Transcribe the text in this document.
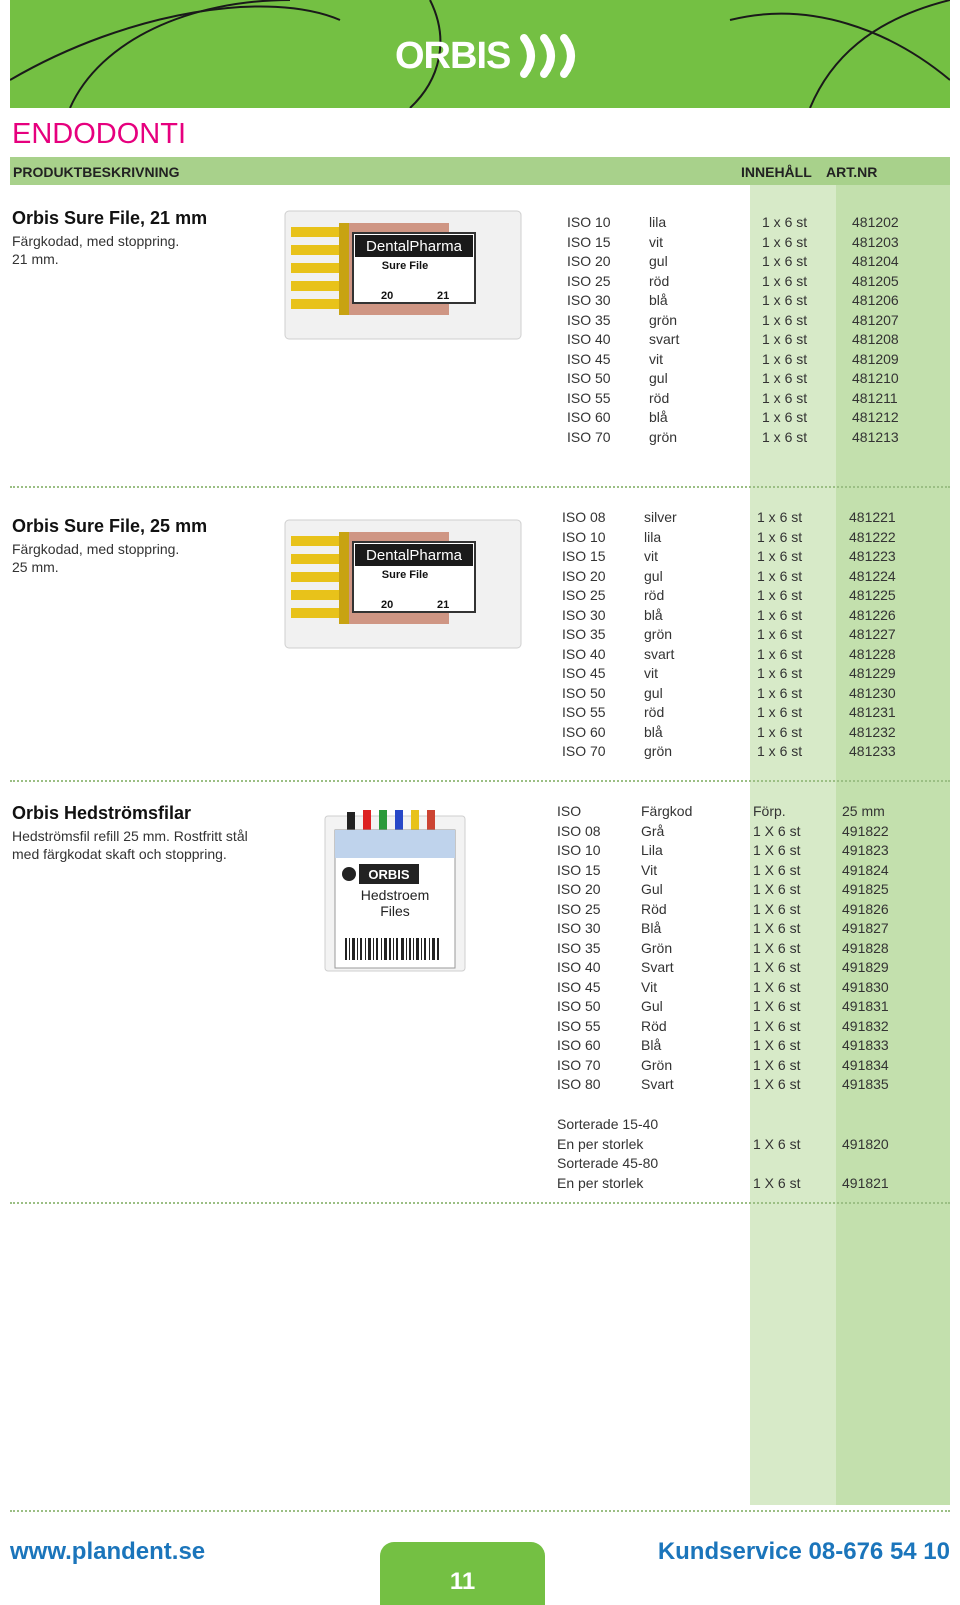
ORBIS
ENDODONTI
PRODUKTBESKRIVNING	INNEHÅLL ART.NR
Orbis Sure File, 21 mm

Färgkodad, med stoppring.

21 mm.

DentalPharma
Sure File
20	21
ISO 10	lila	1 x 6 st	481202
ISO 15	vit	1 x 6 st	481203
ISO 20	gul	1 x 6 st	481204
ISO 25	röd	1 x 6 st	481205
ISO 30	blå	1 x 6 st	481206
ISO 35	grön	1 x 6 st	481207
ISO 40	svart	1 x 6 st	481208
ISO 45	vit	1 x 6 st	481209
ISO 50	gul	1 x 6 st	481210
ISO 55	röd	1 x 6 st	481211
ISO 60	blå	1 x 6 st	481212
ISO 70	grön	1 x 6 st	481213
Orbis Sure File, 25 mm

Färgkodad, med stoppring.

25 mm.

DentalPharma
Sure File
20	21
ISO 08	silver	1 x 6 st	481221
ISO 10	lila	1 x 6 st	481222
ISO 15	vit	1 x 6 st	481223
ISO 20	gul	1 x 6 st	481224
ISO 25	röd	1 x 6 st	481225
ISO 30	blå	1 x 6 st	481226
ISO 35	grön	1 x 6 st	481227
ISO 40	svart	1 x 6 st	481228
ISO 45	vit	1 x 6 st	481229
ISO 50	gul	1 x 6 st	481230
ISO 55	röd	1 x 6 st	481231
ISO 60	blå	1 x 6 st	481232
ISO 70	grön	1 x 6 st	481233
Orbis Hedströmsfilar

Hedströmsfil refill 25 mm. Rostfritt stål

med färgkodat skaft och stoppring.

ORBIS
Hedstroem
Files
ISO	Färgkod	Förp.	25 mm
ISO 08	Grå	1 X 6 st	491822
ISO 10	Lila	1 X 6 st	491823
ISO 15	Vit	1 X 6 st	491824
ISO 20	Gul	1 X 6 st	491825
ISO 25	Röd	1 X 6 st	491826
ISO 30	Blå	1 X 6 st	491827
ISO 35	Grön	1 X 6 st	491828
ISO 40	Svart	1 X 6 st	491829
ISO 45	Vit	1 X 6 st	491830
ISO 50	Gul	1 X 6 st	491831
ISO 55	Röd	1 X 6 st	491832
ISO 60	Blå	1 X 6 st	491833
ISO 70	Grön	1 X 6 st	491834
ISO 80	Svart	1 X 6 st	491835
Sorterade 15-40
En per storlek	1 X 6 st	491820
Sorterade 45-80
En per storlek	1 X 6 st	491821
www.plandent.se
11
Kundservice 08-676 54 10
